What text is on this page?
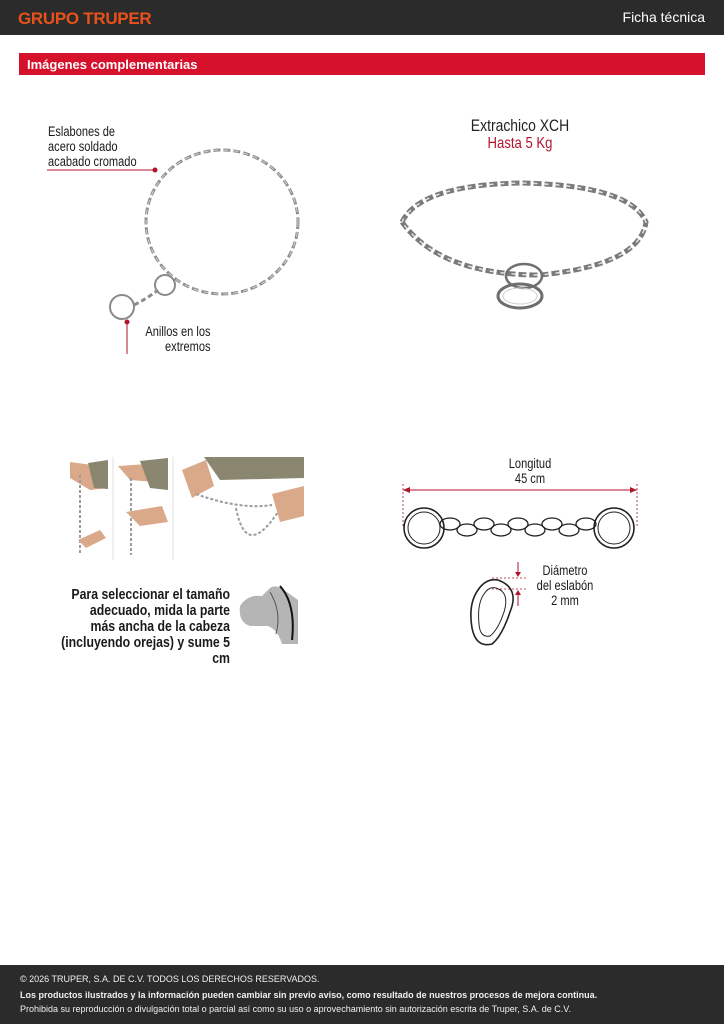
GRUPO TRUPER	Ficha técnica
Imágenes complementarias
Eslabones de
acero soldado
acabado cromado
Anillos en los
extremos
Extrachico XCH
Hasta 5 Kg
Para seleccionar el tamaño
adecuado, mida la parte
más ancha de la cabeza
(incluyendo orejas) y sume 5 cm
Longitud
45 cm
Diámetro
del eslabón
2 mm
© 2026 TRUPER, S.A. DE C.V. TODOS LOS DERECHOS RESERVADOS.
Los productos ilustrados y la información pueden cambiar sin previo aviso, como resultado de nuestros procesos de mejora continua.
Prohibida su reproducción o divulgación total o parcial así como su uso o aprovechamiento sin autorización escrita de Truper, S.A. de C.V.
